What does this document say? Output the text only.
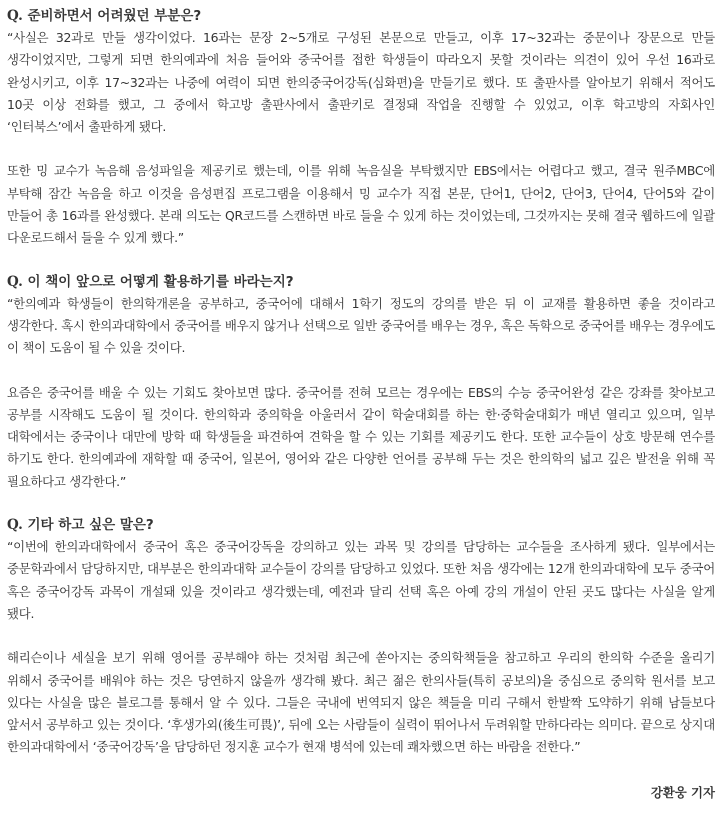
Q. 준비하면서 어려웠던 부분은?

“사실은 32과로 만들 생각이었다. 16과는 문장 2~5개로 구성된 본문으로 만들고, 이후 17~32과는 중문이나 장문으로 만들 생각이었지만, 그렇게 되면 한의예과에 처음 들어와 중국어를 접한 학생들이 따라오지 못할 것이라는 의견이 있어 우선 16과로 완성시키고, 이후 17~32과는 나중에 여력이 되면 한의중국어강독(심화편)을 만들기로 했다. 또 출판사를 알아보기 위해서 적어도 10곳 이상 전화를 했고, 그 중에서 학고방 출판사에서 출판키로 결정돼 작업을 진행할 수 있었고, 이후 학고방의 자회사인 ‘인터북스’에서 출판하게 됐다.

또한 밍 교수가 녹음해 음성파일을 제공키로 했는데, 이를 위해 녹음실을 부탁했지만 EBS에서는 어렵다고 했고, 결국 원주MBC에 부탁해 잠간 녹음을 하고 이것을 음성편집 프로그램을 이용해서 밍 교수가 직접 본문, 단어1, 단어2, 단어3, 단어4, 단어5와 같이 만들어 총 16과를 완성했다. 본래 의도는 QR코드를 스캔하면 바로 들을 수 있게 하는 것이었는데, 그것까지는 못해 결국 웹하드에 일괄 다운로드해서 들을 수 있게 했다.”

Q. 이 책이 앞으로 어떻게 활용하기를 바라는지?

“한의예과 학생들이 한의학개론을 공부하고, 중국어에 대해서 1학기 정도의 강의를 받은 뒤 이 교재를 활용하면 좋을 것이라고 생각한다. 혹시 한의과대학에서 중국어를 배우지 않거나 선택으로 일반 중국어를 배우는 경우, 혹은 독학으로 중국어를 배우는 경우에도 이 책이 도움이 될 수 있을 것이다.

요즘은 중국어를 배울 수 있는 기회도 찾아보면 많다. 중국어를 전혀 모르는 경우에는 EBS의 수능 중국어완성 같은 강좌를 찾아보고 공부를 시작해도 도움이 될 것이다. 한의학과 중의학을 아울러서 같이 학술대회를 하는 한·중학술대회가 매년 열리고 있으며, 일부 대학에서는 중국이나 대만에 방학 때 학생들을 파견하여 견학을 할 수 있는 기회를 제공키도 한다. 또한 교수들이 상호 방문해 연수를 하기도 한다. 한의예과에 재학할 때 중국어, 일본어, 영어와 같은 다양한 언어를 공부해 두는 것은 한의학의 넓고 깊은 발전을 위해 꼭 필요하다고 생각한다.”

Q. 기타 하고 싶은 말은?

“이번에 한의과대학에서 중국어 혹은 중국어강독을 강의하고 있는 과목 및 강의를 담당하는 교수들을 조사하게 됐다. 일부에서는 중문학과에서 담당하지만, 대부분은 한의과대학 교수들이 강의를 담당하고 있었다. 또한 처음 생각에는 12개 한의과대학에 모두 중국어 혹은 중국어강독 과목이 개설돼 있을 것이라고 생각했는데, 예전과 달리 선택 혹은 아예 강의 개설이 안된 곳도 많다는 사실을 알게 됐다.

해리슨이나 세실을 보기 위해 영어를 공부해야 하는 것처럼 최근에 쏟아지는 중의학책들을 참고하고 우리의 한의학 수준을 올리기 위해서 중국어를 배워야 하는 것은 당연하지 않을까 생각해 봤다. 최근 젊은 한의사들(특히 공보의)을 중심으로 중의학 원서를 보고 있다는 사실을 많은 블로그를 통해서 알 수 있다. 그들은 국내에 번역되지 않은 책들을 미리 구해서 한발짝 도약하기 위해 남들보다 앞서서 공부하고 있는 것이다. ‘후생가외(後生可畏)’, 뒤에 오는 사람들이 실력이 뛰어나서 두려워할 만하다라는 의미다. 끝으로 상지대 한의과대학에서 ‘중국어강독’을 담당하던 정지훈 교수가 현재 병석에 있는데 쾌차했으면 하는 바람을 전한다.”

강환웅 기자
